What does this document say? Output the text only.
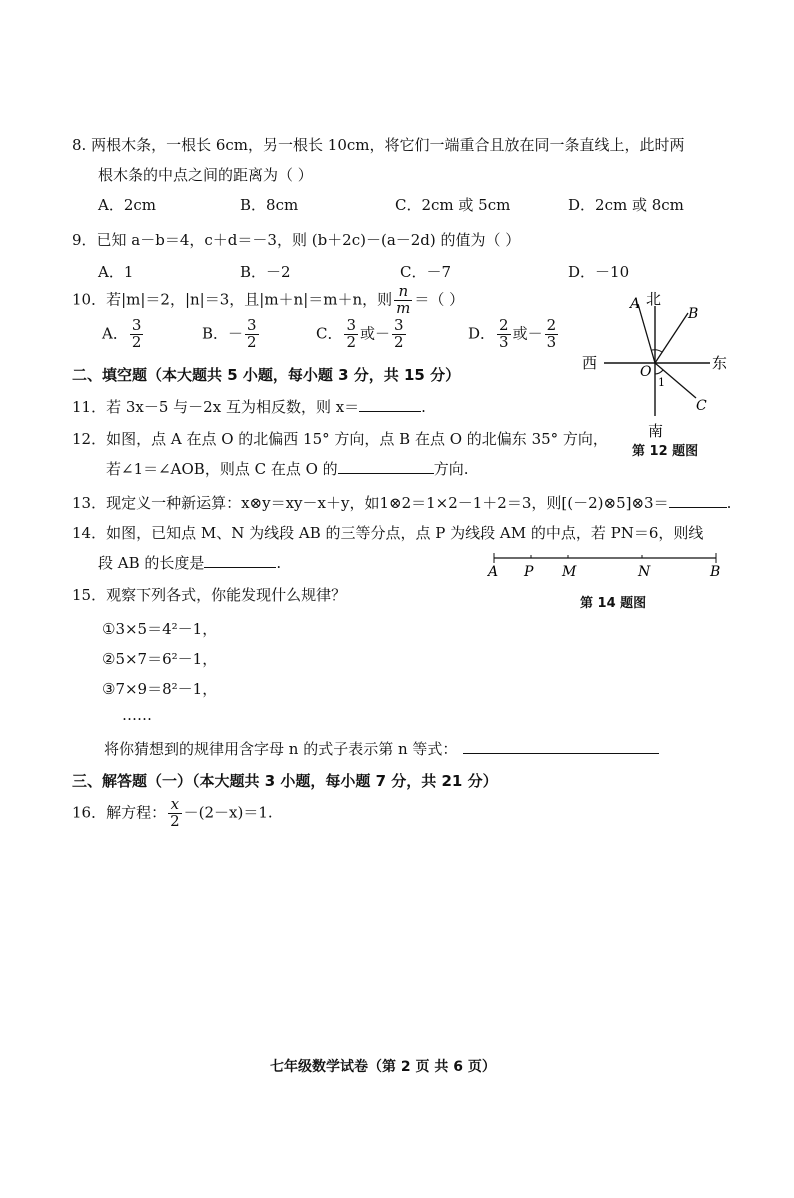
8. 两根木条，一根长 6cm，另一根长 10cm，将它们一端重合且放在同一条直线上，此时两
根木条的中点之间的距离为（ ）
A．2cm	B．8cm	C．2cm 或 5cm	D．2cm 或 8cm
9．已知 a－b＝4，c＋d＝－3，则 (b＋2c)－(a－2d) 的值为（ ）
A．1	B．－2	C．－7	D．－10
10．若|m|＝2，|n|＝3，且|m＋n|＝m＋n，则 $\frac{n}{m}$ ＝（ ）
A． $\frac{3}{2}$	B．－ $\frac{3}{2}$	C． $\frac{3}{2}$ 或－ $\frac{3}{2}$	D． $\frac{2}{3}$ 或－ $\frac{2}{3}$
二、填空题（本大题共 5 小题，每小题 3 分，共 15 分）
11．若 3x－5 与－2x 互为相反数，则 x＝	.
12．如图，点 A 在点 O 的北偏西 15° 方向，点 B 在点 O 的北偏东 35° 方向，
若∠1＝∠AOB，则点 C 在点 O 的	方向.
13．现定义一种新运算：x⊗y＝xy－x＋y，如1⊗2＝1×2－1＋2＝3，则[(－2)⊗5]⊗3＝	.
14．如图，已知点 M、N 为线段 AB 的三等分点，点 P 为线段 AM 的中点，若 PN＝6，则线
段 AB 的长度是	.
15．观察下列各式，你能发现什么规律？
①3×5＝4²－1，
②5×7＝6²－1，
③7×9＝8²－1，
……
将你猜想到的规律用含字母 n 的式子表示第 n 等式：
三、解答题（一）（本大题共 3 小题，每小题 7 分，共 21 分）
16．解方程： $\frac{x}{2} -(2-x)=1$.
北
南
东
西
A
B
C
O
1
第 12 题图
A P M	N	B
第 14 题图
七年级数学试卷（第 2 页 共 6 页）
